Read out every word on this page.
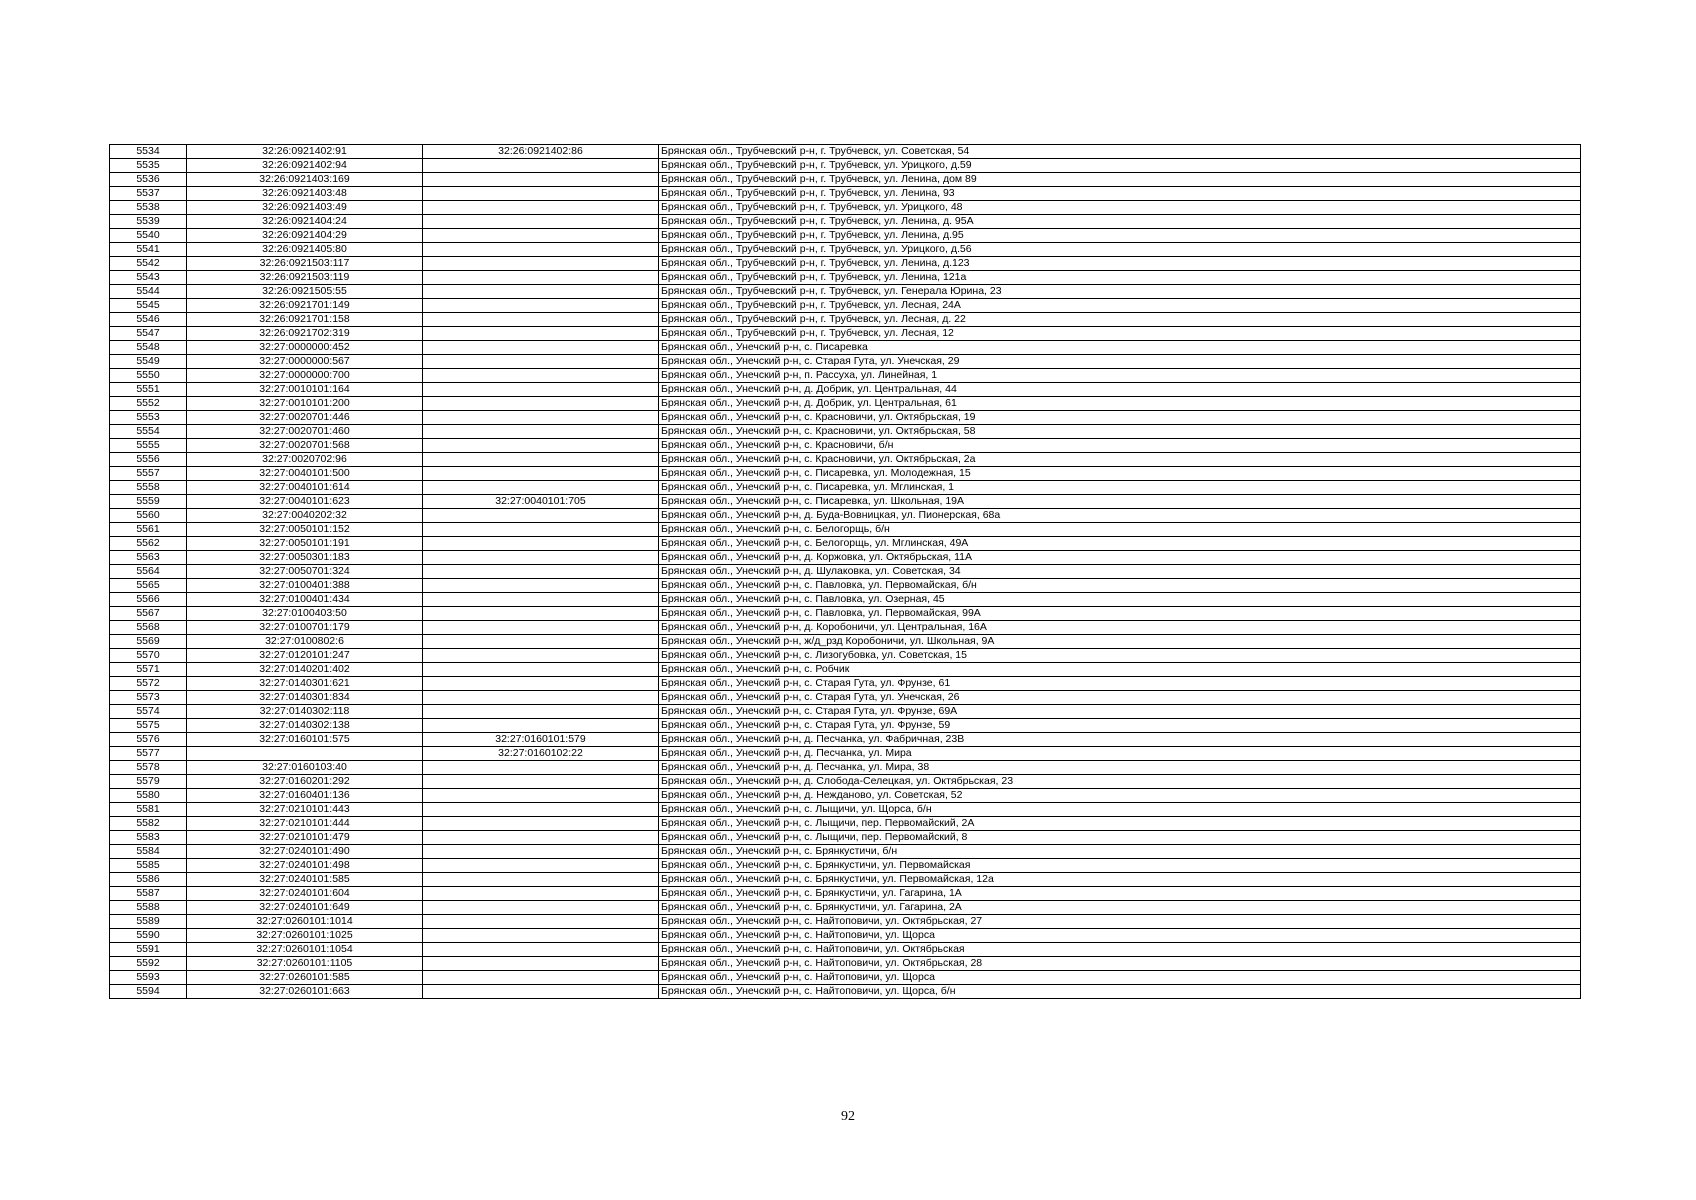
5534	32:26:0921402:91	32:26:0921402:86	Брянская обл., Трубчевский р-н, г. Трубчевск, ул. Советская, 54
5535	32:26:0921402:94		Брянская обл., Трубчевский р-н, г. Трубчевск, ул. Урицкого, д.59
5536	32:26:0921403:169		Брянская обл., Трубчевский р-н, г. Трубчевск, ул. Ленина, дом 89
5537	32:26:0921403:48		Брянская обл., Трубчевский р-н, г. Трубчевск, ул. Ленина, 93
5538	32:26:0921403:49		Брянская обл., Трубчевский р-н, г. Трубчевск, ул. Урицкого, 48
5539	32:26:0921404:24		Брянская обл., Трубчевский р-н, г. Трубчевск, ул. Ленина, д. 95А
5540	32:26:0921404:29		Брянская обл., Трубчевский р-н, г. Трубчевск, ул. Ленина, д.95
5541	32:26:0921405:80		Брянская обл., Трубчевский р-н, г. Трубчевск, ул. Урицкого, д.56
5542	32:26:0921503:117		Брянская обл., Трубчевский р-н, г. Трубчевск, ул. Ленина, д.123
5543	32:26:0921503:119		Брянская обл., Трубчевский р-н, г. Трубчевск, ул. Ленина, 121а
5544	32:26:0921505:55		Брянская обл., Трубчевский р-н, г. Трубчевск, ул. Генерала Юрина, 23
5545	32:26:0921701:149		Брянская обл., Трубчевский р-н, г. Трубчевск, ул. Лесная, 24А
5546	32:26:0921701:158		Брянская обл., Трубчевский р-н, г. Трубчевск, ул. Лесная, д. 22
5547	32:26:0921702:319		Брянская обл., Трубчевский р-н, г. Трубчевск, ул. Лесная, 12
5548	32:27:0000000:452		Брянская обл., Унечский р-н, с. Писаревка
5549	32:27:0000000:567		Брянская обл., Унечский р-н, с. Старая Гута, ул. Унечская, 29
5550	32:27:0000000:700		Брянская обл., Унечский р-н, п. Рассуха, ул. Линейная, 1
5551	32:27:0010101:164		Брянская обл., Унечский р-н, д. Добрик, ул. Центральная, 44
5552	32:27:0010101:200		Брянская обл., Унечский р-н, д. Добрик, ул. Центральная, 61
5553	32:27:0020701:446		Брянская обл., Унечский р-н, с. Красновичи, ул. Октябрьская, 19
5554	32:27:0020701:460		Брянская обл., Унечский р-н, с. Красновичи, ул. Октябрьская, 58
5555	32:27:0020701:568		Брянская обл., Унечский р-н, с. Красновичи, б/н
5556	32:27:0020702:96		Брянская обл., Унечский р-н, с. Красновичи, ул. Октябрьская, 2а
5557	32:27:0040101:500		Брянская обл., Унечский р-н, с. Писаревка, ул. Молодежная, 15
5558	32:27:0040101:614		Брянская обл., Унечский р-н, с. Писаревка, ул. Мглинская, 1
5559	32:27:0040101:623	32:27:0040101:705	Брянская обл., Унечский р-н, с. Писаревка, ул. Школьная, 19А
5560	32:27:0040202:32		Брянская обл., Унечский р-н, д. Буда-Вовницкая, ул. Пионерская, 68а
5561	32:27:0050101:152		Брянская обл., Унечский р-н, с. Белогорщь, б/н
5562	32:27:0050101:191		Брянская обл., Унечский р-н, с. Белогорщь, ул. Мглинская, 49А
5563	32:27:0050301:183		Брянская обл., Унечский р-н, д. Коржовка, ул. Октябрьская, 11А
5564	32:27:0050701:324		Брянская обл., Унечский р-н, д. Шулаковка, ул. Советская, 34
5565	32:27:0100401:388		Брянская обл., Унечский р-н, с. Павловка, ул. Первомайская, б/н
5566	32:27:0100401:434		Брянская обл., Унечский р-н, с. Павловка, ул. Озерная, 45
5567	32:27:0100403:50		Брянская обл., Унечский р-н, с. Павловка, ул. Первомайская, 99А
5568	32:27:0100701:179		Брянская обл., Унечский р-н, д. Коробоничи, ул. Центральная, 16А
5569	32:27:0100802:6		Брянская обл., Унечский р-н, ж/д_рзд Коробоничи, ул. Школьная, 9А
5570	32:27:0120101:247		Брянская обл., Унечский р-н, с. Лизогубовка, ул. Советская, 15
5571	32:27:0140201:402		Брянская обл., Унечский р-н, с. Робчик
5572	32:27:0140301:621		Брянская обл., Унечский р-н, с. Старая Гута, ул. Фрунзе, 61
5573	32:27:0140301:834		Брянская обл., Унечский р-н, с. Старая Гута, ул. Унечская, 26
5574	32:27:0140302:118		Брянская обл., Унечский р-н, с. Старая Гута, ул. Фрунзе, 69А
5575	32:27:0140302:138		Брянская обл., Унечский р-н, с. Старая Гута, ул. Фрунзе, 59
5576	32:27:0160101:575	32:27:0160101:579	Брянская обл., Унечский р-н, д. Песчанка, ул. Фабричная, 23В
5577		32:27:0160102:22	Брянская обл., Унечский р-н, д. Песчанка, ул. Мира
5578	32:27:0160103:40		Брянская обл., Унечский р-н, д. Песчанка, ул. Мира, 38
5579	32:27:0160201:292		Брянская обл., Унечский р-н, д. Слобода-Селецкая, ул. Октябрьская, 23
5580	32:27:0160401:136		Брянская обл., Унечский р-н, д. Нежданово, ул. Советская, 52
5581	32:27:0210101:443		Брянская обл., Унечский р-н, с. Лыщичи, ул. Щорса, б/н
5582	32:27:0210101:444		Брянская обл., Унечский р-н, с. Лыщичи, пер. Первомайский, 2А
5583	32:27:0210101:479		Брянская обл., Унечский р-н, с. Лыщичи, пер. Первомайский, 8
5584	32:27:0240101:490		Брянская обл., Унечский р-н, с. Брянкустичи, б/н
5585	32:27:0240101:498		Брянская обл., Унечский р-н, с. Брянкустичи, ул. Первомайская
5586	32:27:0240101:585		Брянская обл., Унечский р-н, с. Брянкустичи, ул. Первомайская, 12а
5587	32:27:0240101:604		Брянская обл., Унечский р-н, с. Брянкустичи, ул. Гагарина, 1А
5588	32:27:0240101:649		Брянская обл., Унечский р-н, с. Брянкустичи, ул. Гагарина, 2А
5589	32:27:0260101:1014		Брянская обл., Унечский р-н, с. Найтоповичи, ул. Октябрьская, 27
5590	32:27:0260101:1025		Брянская обл., Унечский р-н, с. Найтоповичи, ул. Щорса
5591	32:27:0260101:1054		Брянская обл., Унечский р-н, с. Найтоповичи, ул. Октябрьская
5592	32:27:0260101:1105		Брянская обл., Унечский р-н, с. Найтоповичи, ул. Октябрьская, 28
5593	32:27:0260101:585		Брянская обл., Унечский р-н, с. Найтоповичи, ул. Щорса
5594	32:27:0260101:663		Брянская обл., Унечский р-н, с. Найтоповичи, ул. Щорса, б/н
92
